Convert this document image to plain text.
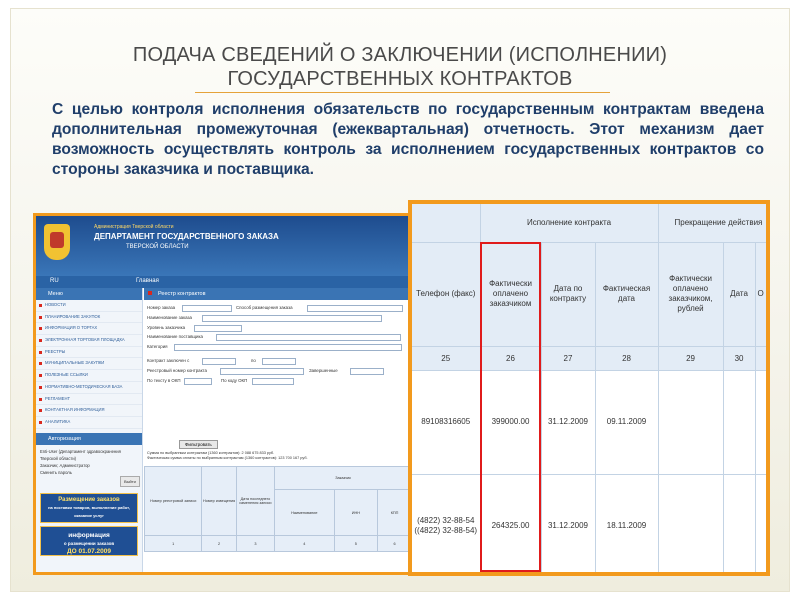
ПОДАЧА СВЕДЕНИЙ О ЗАКЛЮЧЕНИИ (ИСПОЛНЕНИИ)
ГОСУДАРСТВЕННЫХ КОНТРАКТОВ
С целью контроля исполнения обязательств по государственным контрактам введена дополнительная промежуточная (ежеквартальная) отчетность. Этот механизм дает возможность осуществлять контроль за исполнением государственных контрактов со стороны заказчика и поставщика.
Администрация Тверской области
ДЕПАРТАМЕНТ ГОСУДАРСТВЕННОГО ЗАКАЗА
ТВЕРСКОЙ ОБЛАСТИ
RU	Главная
Меню
НОВОСТИ
ПЛАНИРОВАНИЕ ЗАКУПОК
ИНФОРМАЦИЯ О ТОРГАХ
ЭЛЕКТРОННАЯ ТОРГОВАЯ ПЛОЩАДКА
РЕЕСТРЫ
МУНИЦИПАЛЬНЫЕ ЗАКУПКИ
ПОЛЕЗНЫЕ ССЫЛКИ
НОРМАТИВНО-МЕТОДИЧЕСКАЯ БАЗА
РЕГЛАМЕНТ
КОНТАКТНАЯ ИНФОРМАЦИЯ
АНАЛИТИКА
Авторизация
Enti-User (Департамент здравоохранения
Тверской области)
Заказчик; Администратор
Сменить пароль
Выйти
Размещение заказов
на поставки товаров, выполнение работ, оказание услуг
информация
о размещении заказов
ДО 01.07.2009
Реестр контрактов
Номер заказа	Способ размещения заказа
Наименование заказа
Уровень заказчика
Наименование поставщика
Категория
Контракт заключен с	по
Реестровый номер контракта	Завершенные
По тексту в ОКП	По коду ОКП
Фильтровать
Сумма по выбранным контрактам (1360 контрактов): 2 088 675 833 руб.
Фактическая сумма оплаты по выбранным контрактам (1360 контрактов): 123 700 167 руб.
Номер реестровой записи	Номер извещения	Дата последнего изменения записи	Заказчик		
			Наименование	ИНН	КПП
1	2	3	4	5	6
	Исполнение контракта			Прекращение действия		
Телефон (факс)	Фактически оплачено заказчиком	Дата по контракту	Фактическая дата	Фактически оплачено заказчиком, рублей	Дата	О
25	26	27	28	29	30	
89108316605	399000.00	31.12.2009	09.11.2009			
(4822) 32-88-54 ((4822) 32-88-54)	264325.00	31.12.2009	18.11.2009			
